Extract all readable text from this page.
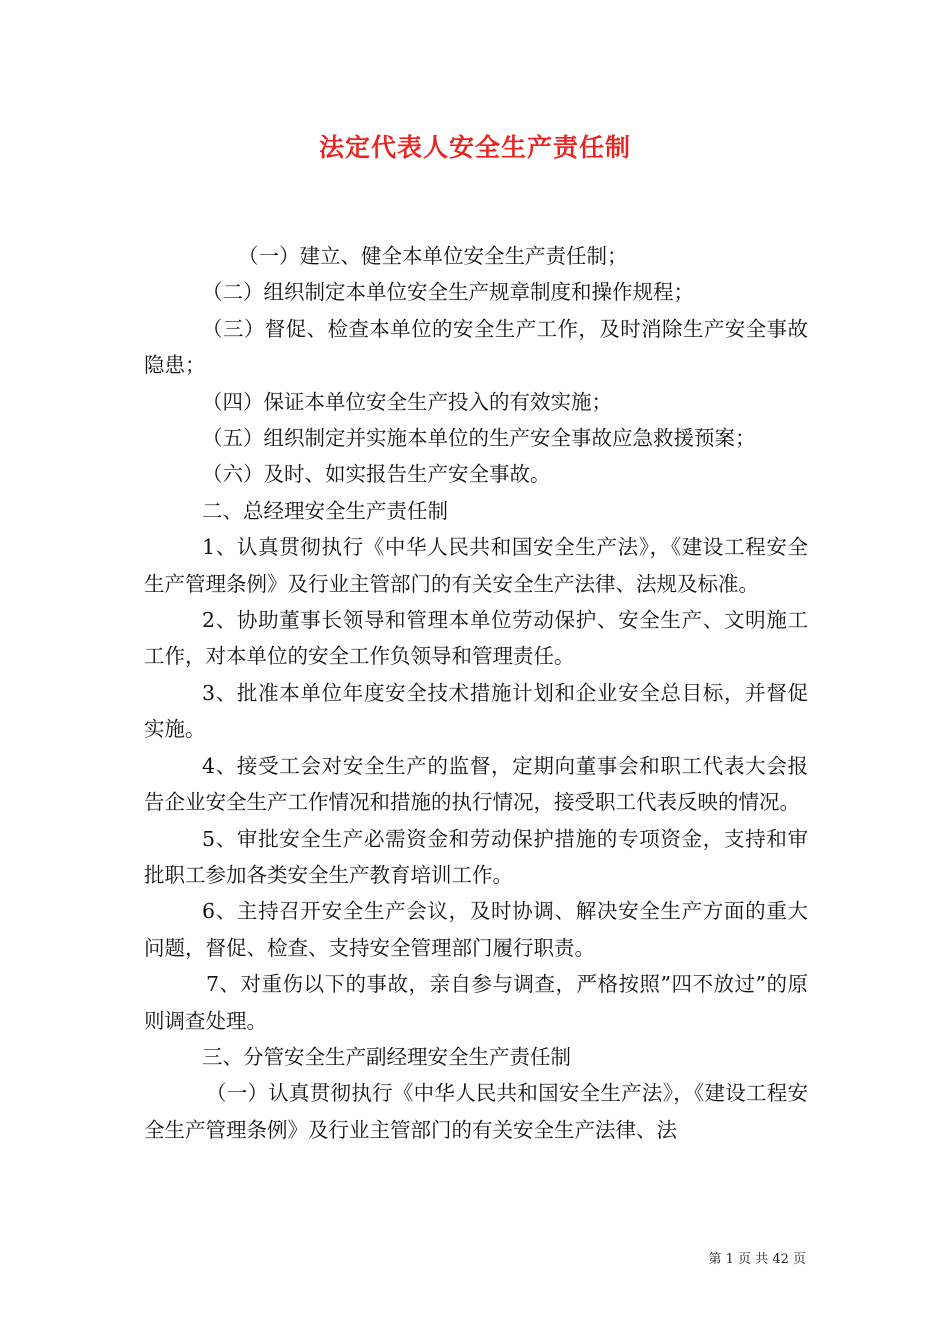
法定代表人安全生产责任制

（一）建立、健全本单位安全生产责任制；

（二）组织制定本单位安全生产规章制度和操作规程；

（三）督促、检查本单位的安全生产工作，及时消除生产安全事故隐患；

（四）保证本单位安全生产投入的有效实施；

（五）组织制定并实施本单位的生产安全事故应急救援预案；

（六）及时、如实报告生产安全事故。

二、总经理安全生产责任制

1、认真贯彻执行《中华人民共和国安全生产法》，《建设工程安全生产管理条例》及行业主管部门的有关安全生产法律、法规及标准。

2、协助董事长领导和管理本单位劳动保护、安全生产、文明施工工作，对本单位的安全工作负领导和管理责任。

3、批准本单位年度安全技术措施计划和企业安全总目标，并督促实施。

4、接受工会对安全生产的监督，定期向董事会和职工代表大会报告企业安全生产工作情况和措施的执行情况，接受职工代表反映的情况。

5、审批安全生产必需资金和劳动保护措施的专项资金，支持和审批职工参加各类安全生产教育培训工作。

6、主持召开安全生产会议，及时协调、解决安全生产方面的重大问题，督促、检查、支持安全管理部门履行职责。

7、对重伤以下的事故，亲自参与调查，严格按照”四不放过”的原则调查处理。

三、分管安全生产副经理安全生产责任制

（一）认真贯彻执行《中华人民共和国安全生产法》，《建设工程安全生产管理条例》及行业主管部门的有关安全生产法律、法

第 1 页 共 42 页
